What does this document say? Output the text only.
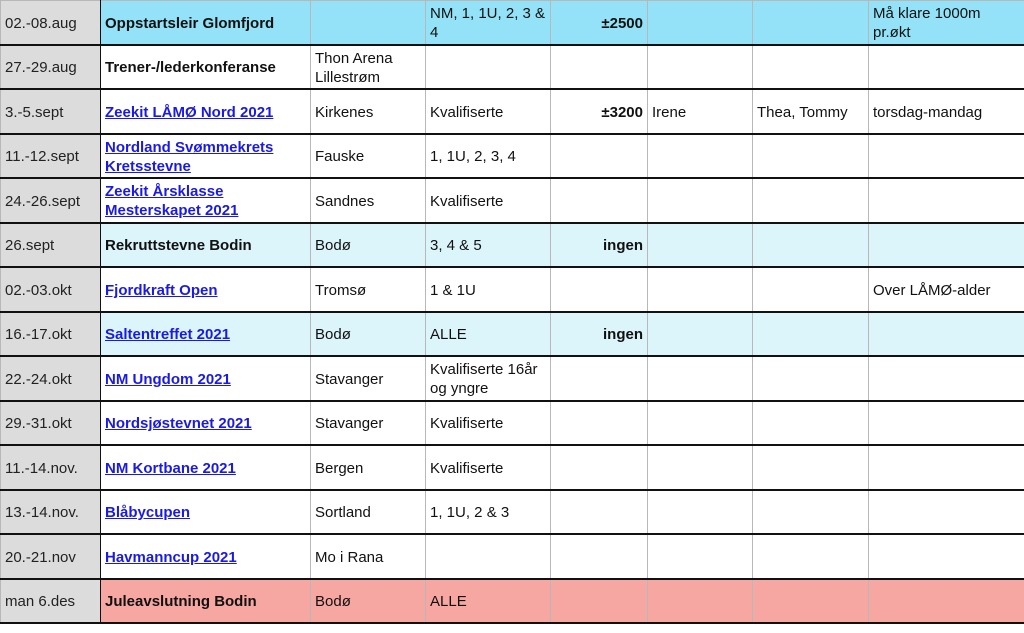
02.-08.aug	Oppstartsleir Glomfjord		NM, 1, 1U, 2, 3 & 4	±2500			Må klare 1000m pr.økt
27.-29.aug	Trener-/lederkonferanse	Thon Arena Lillestrøm					
3.-5.sept	Zeekit LÅMØ Nord 2021	Kirkenes	Kvalifiserte	±3200	Irene	Thea, Tommy	torsdag-mandag
11.-12.sept	Nordland Svømmekrets Kretsstevne	Fauske	1, 1U, 2, 3, 4				
24.-26.sept	Zeekit Årsklasse Mesterskapet 2021	Sandnes	Kvalifiserte				
26.sept	Rekruttstevne Bodin	Bodø	3, 4 & 5	ingen			
02.-03.okt	Fjordkraft Open	Tromsø	1 & 1U				Over LÅMØ-alder
16.-17.okt	Saltentreffet 2021	Bodø	ALLE	ingen			
22.-24.okt	NM Ungdom 2021	Stavanger	Kvalifiserte 16år og yngre				
29.-31.okt	Nordsjøstevnet 2021	Stavanger	Kvalifiserte				
11.-14.nov.	NM Kortbane 2021	Bergen	Kvalifiserte				
13.-14.nov.	Blåbycupen	Sortland	1, 1U, 2 & 3				
20.-21.nov	Havmanncup 2021	Mo i Rana					
man 6.des	Juleavslutning Bodin	Bodø	ALLE				
